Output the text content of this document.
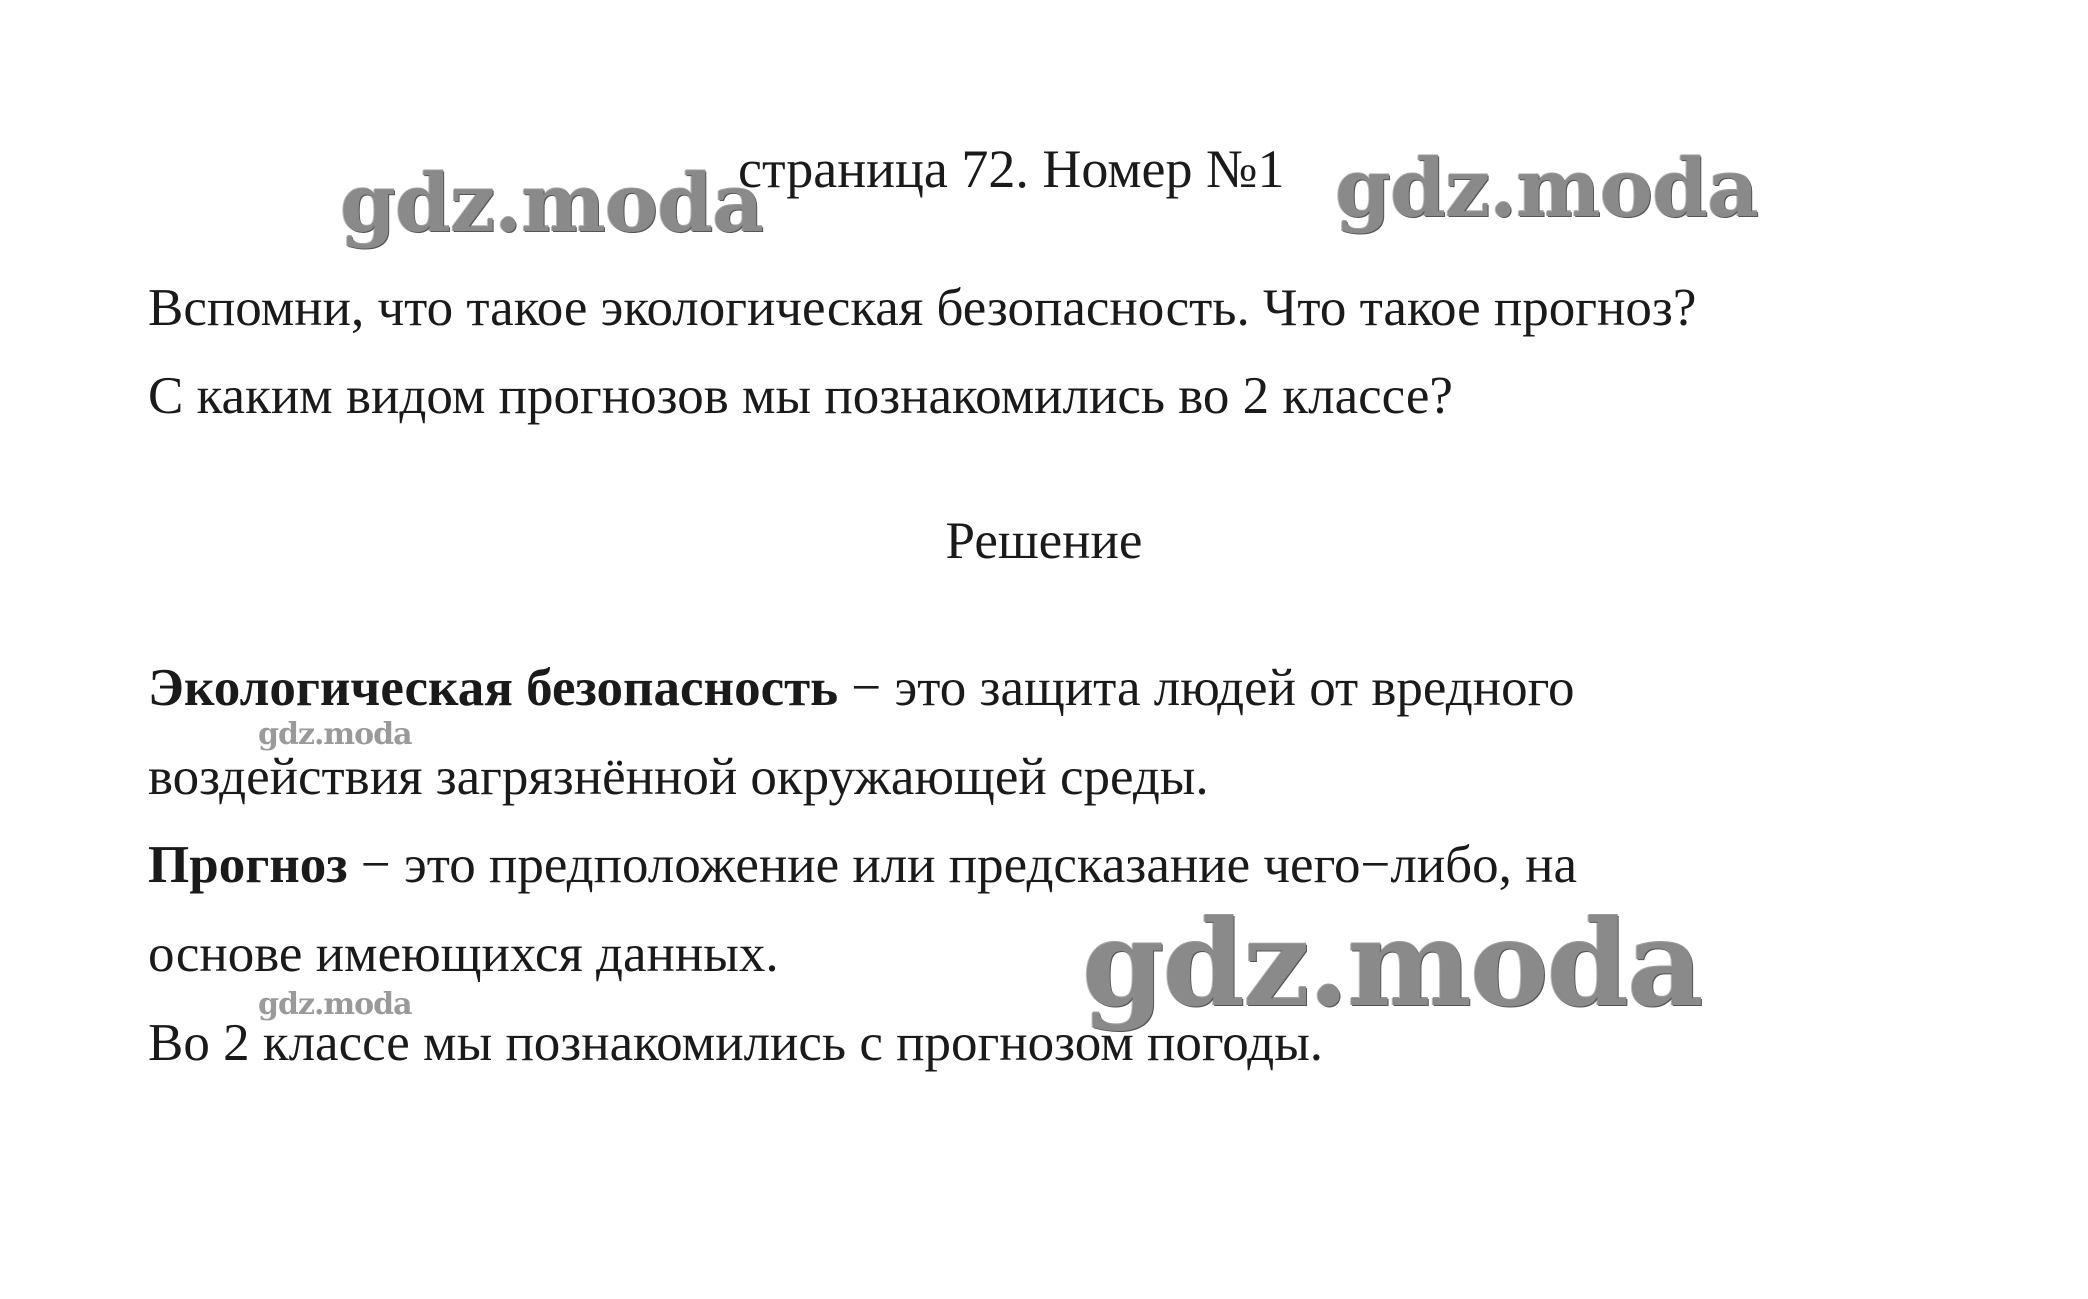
страница 72. Номер №1
Вспомни, что такое экологическая безопасность. Что такое прогноз?
С каким видом прогнозов мы познакомились во 2 классе?
Решение
Экологическая безопасность − это защита людей от вредного
воздействия загрязнённой окружающей среды.
Прогноз − это предположение или предсказание чего−либо, на
основе имеющихся данных.
Во 2 классе мы познакомились с прогнозом погоды.
gdz.moda	gdz.moda
gdz.moda
gdz.moda	gdz.moda
